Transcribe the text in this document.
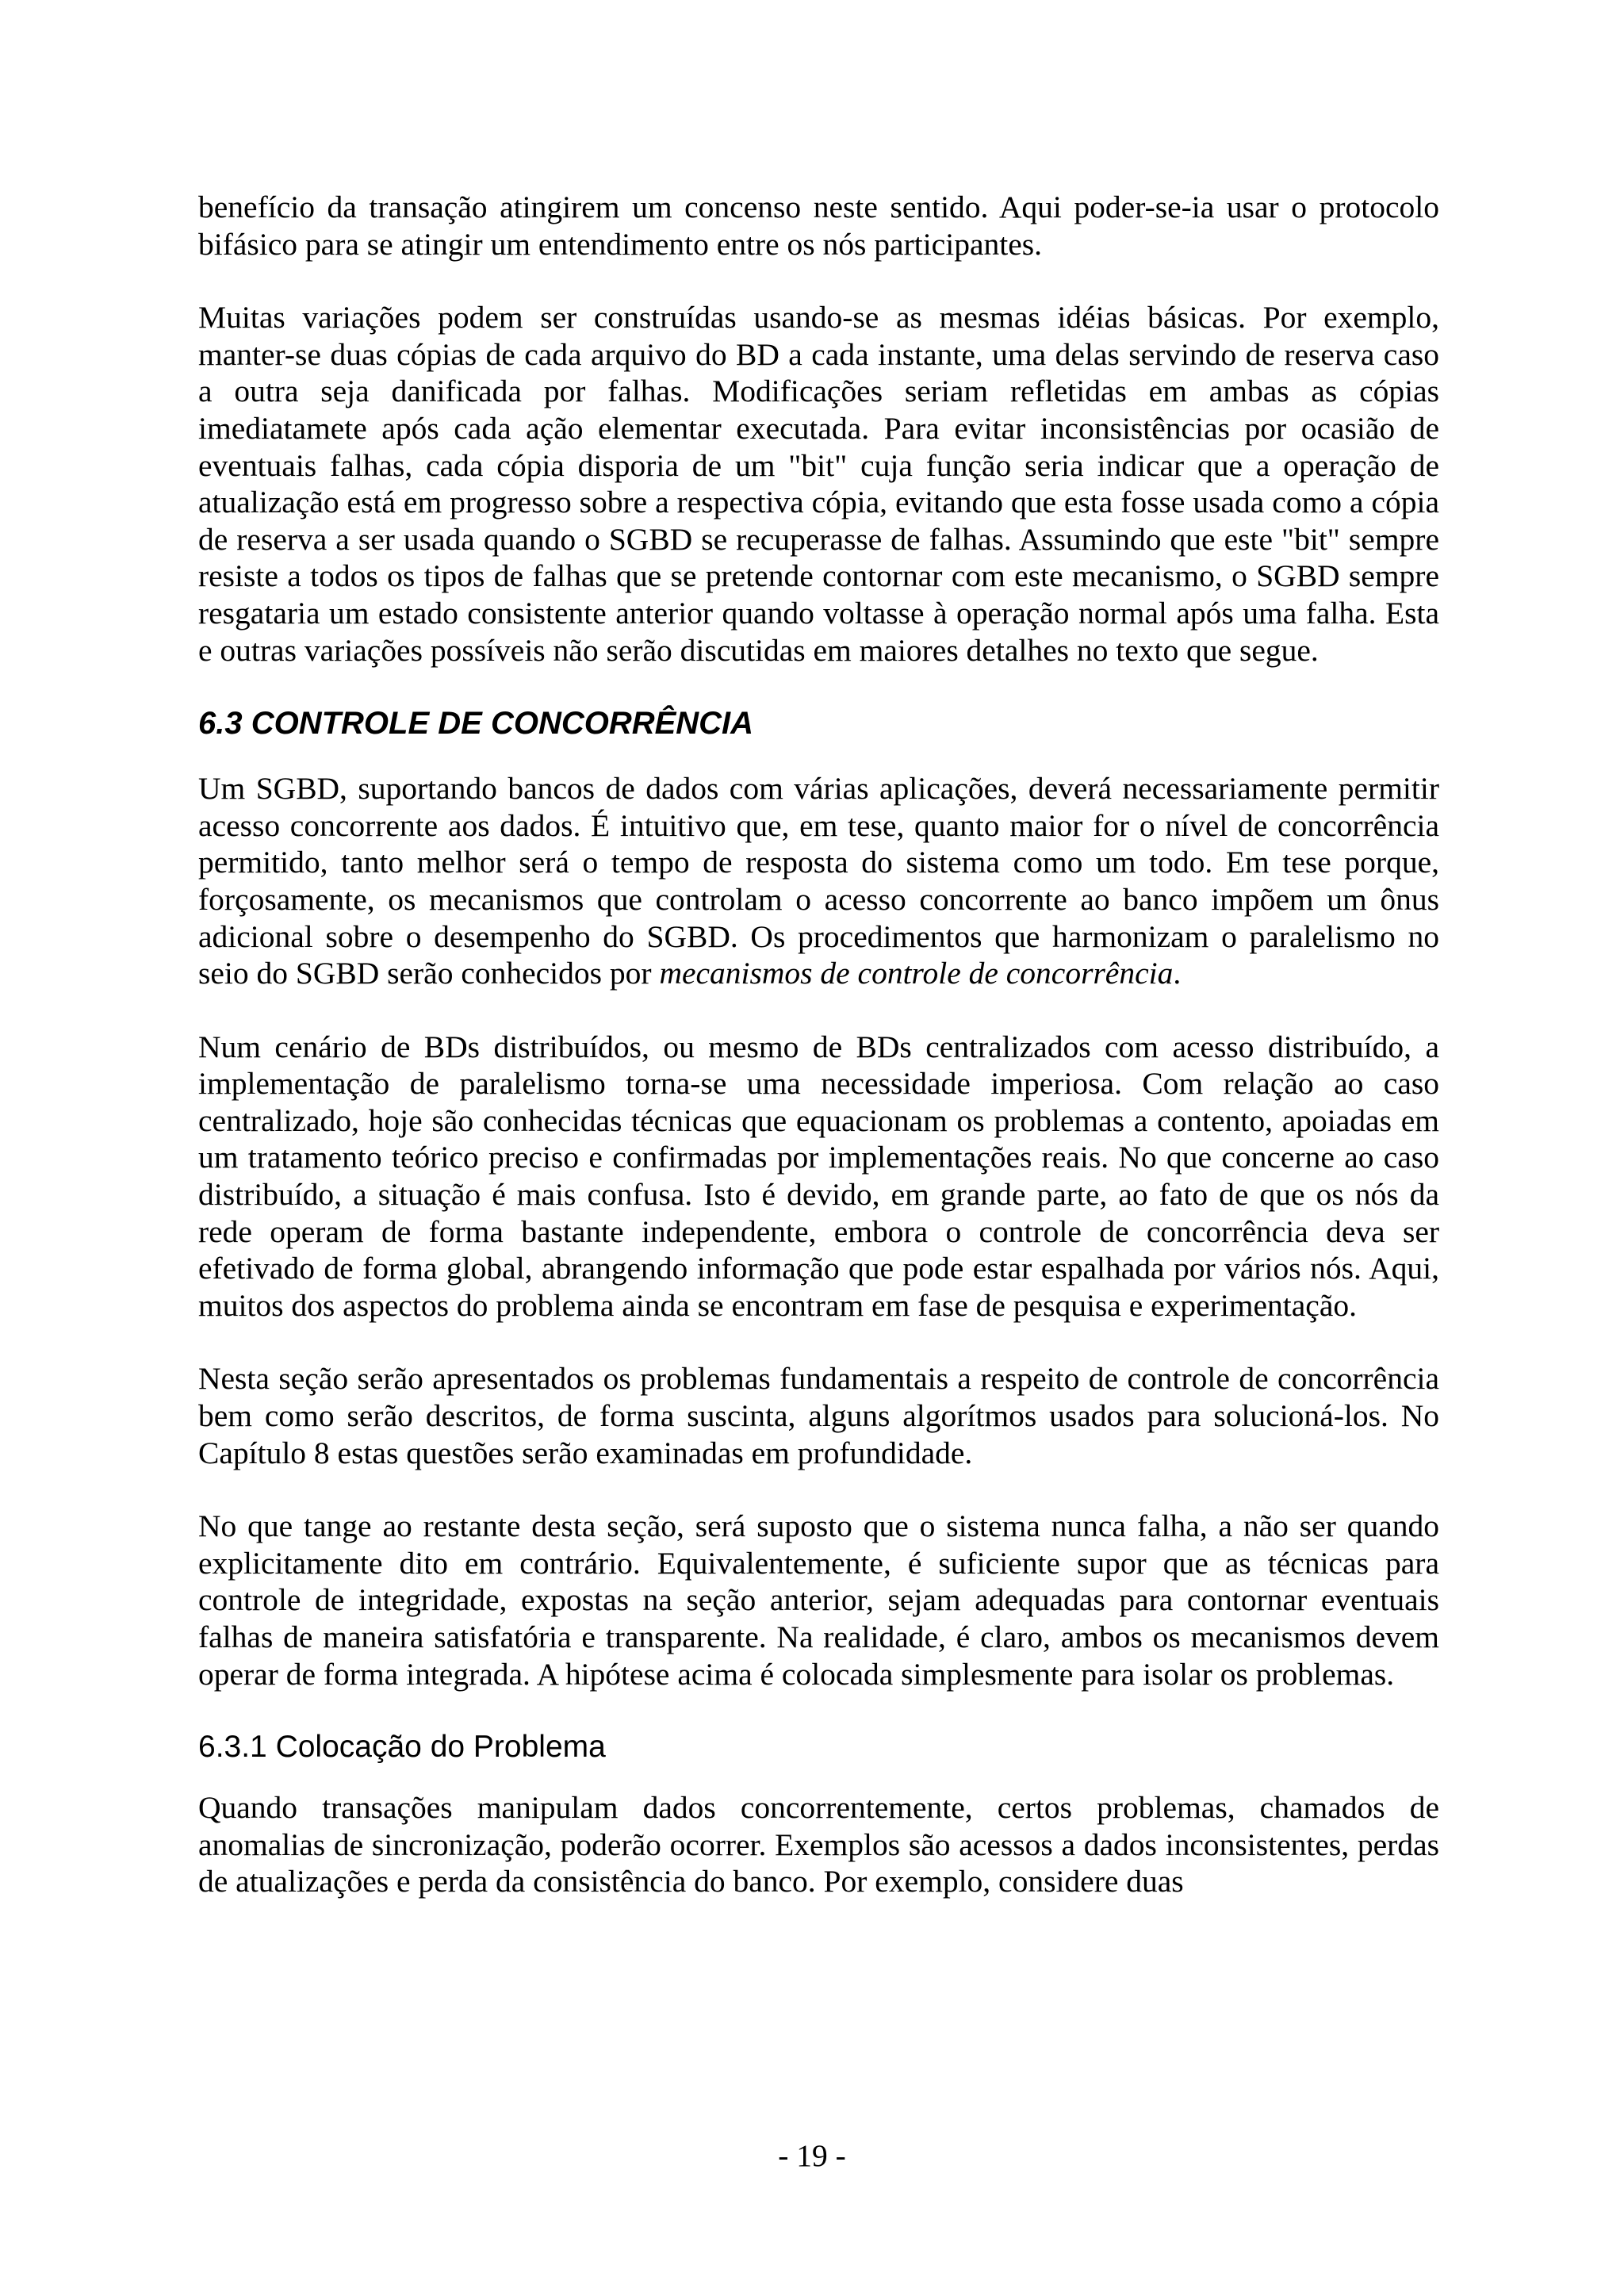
benefício da transação atingirem um concenso neste sentido. Aqui poder-se-ia usar o protocolo bifásico para se atingir um entendimento entre os nós participantes.

Muitas variações podem ser construídas usando-se as mesmas idéias básicas. Por exemplo, manter-se duas cópias de cada arquivo do BD a cada instante, uma delas servindo de reserva caso a outra seja danificada por falhas. Modificações seriam refletidas em ambas as cópias imediatamete após cada ação elementar executada. Para evitar inconsistências por ocasião de eventuais falhas, cada cópia disporia de um "bit" cuja função seria indicar que a operação de atualização está em progresso sobre a respectiva cópia, evitando que esta fosse usada como a cópia de reserva a ser usada quando o SGBD se recuperasse de falhas. Assumindo que este "bit" sempre resiste a todos os tipos de falhas que se pretende contornar com este mecanismo, o SGBD sempre resgataria um estado consistente anterior quando voltasse à operação normal após uma falha. Esta e outras variações possíveis não serão discutidas em maiores detalhes no texto que segue.

6.3 CONTROLE DE CONCORRÊNCIA

Um SGBD, suportando bancos de dados com várias aplicações, deverá necessariamente permitir acesso concorrente aos dados. É intuitivo que, em tese, quanto maior for o nível de concorrência permitido, tanto melhor será o tempo de resposta do sistema como um todo. Em tese porque, forçosamente, os mecanismos que controlam o acesso concorrente ao banco impõem um ônus adicional sobre o desempenho do SGBD. Os procedimentos que harmonizam o paralelismo no seio do SGBD serão conhecidos por mecanismos de controle de concorrência.

Num cenário de BDs distribuídos, ou mesmo de BDs centralizados com acesso distribuído, a implementação de paralelismo torna-se uma necessidade imperiosa. Com relação ao caso centralizado, hoje são conhecidas técnicas que equacionam os problemas a contento, apoiadas em um tratamento teórico preciso e confirmadas por implementações reais. No que concerne ao caso distribuído, a situação é mais confusa. Isto é devido, em grande parte, ao fato de que os nós da rede operam de forma bastante independente, embora o controle de concorrência deva ser efetivado de forma global, abrangendo informação que pode estar espalhada por vários nós. Aqui, muitos dos aspectos do problema ainda se encontram em fase de pesquisa e experimentação.

Nesta seção serão apresentados os problemas fundamentais a respeito de controle de concorrência bem como serão descritos, de forma suscinta, alguns algorítmos usados para solucioná-los. No Capítulo 8 estas questões serão examinadas em profundidade.

No que tange ao restante desta seção, será suposto que o sistema nunca falha, a não ser quando explicitamente dito em contrário. Equivalentemente, é suficiente supor que as técnicas para controle de integridade, expostas na seção anterior, sejam adequadas para contornar eventuais falhas de maneira satisfatória e transparente. Na realidade, é claro, ambos os mecanismos devem operar de forma integrada. A hipótese acima é colocada simplesmente para isolar os problemas.

6.3.1 Colocação do Problema

Quando transações manipulam dados concorrentemente, certos problemas, chamados de anomalias de sincronização, poderão ocorrer. Exemplos são acessos a dados inconsistentes, perdas de atualizações e perda da consistência do banco. Por exemplo, considere duas

- 19 -
